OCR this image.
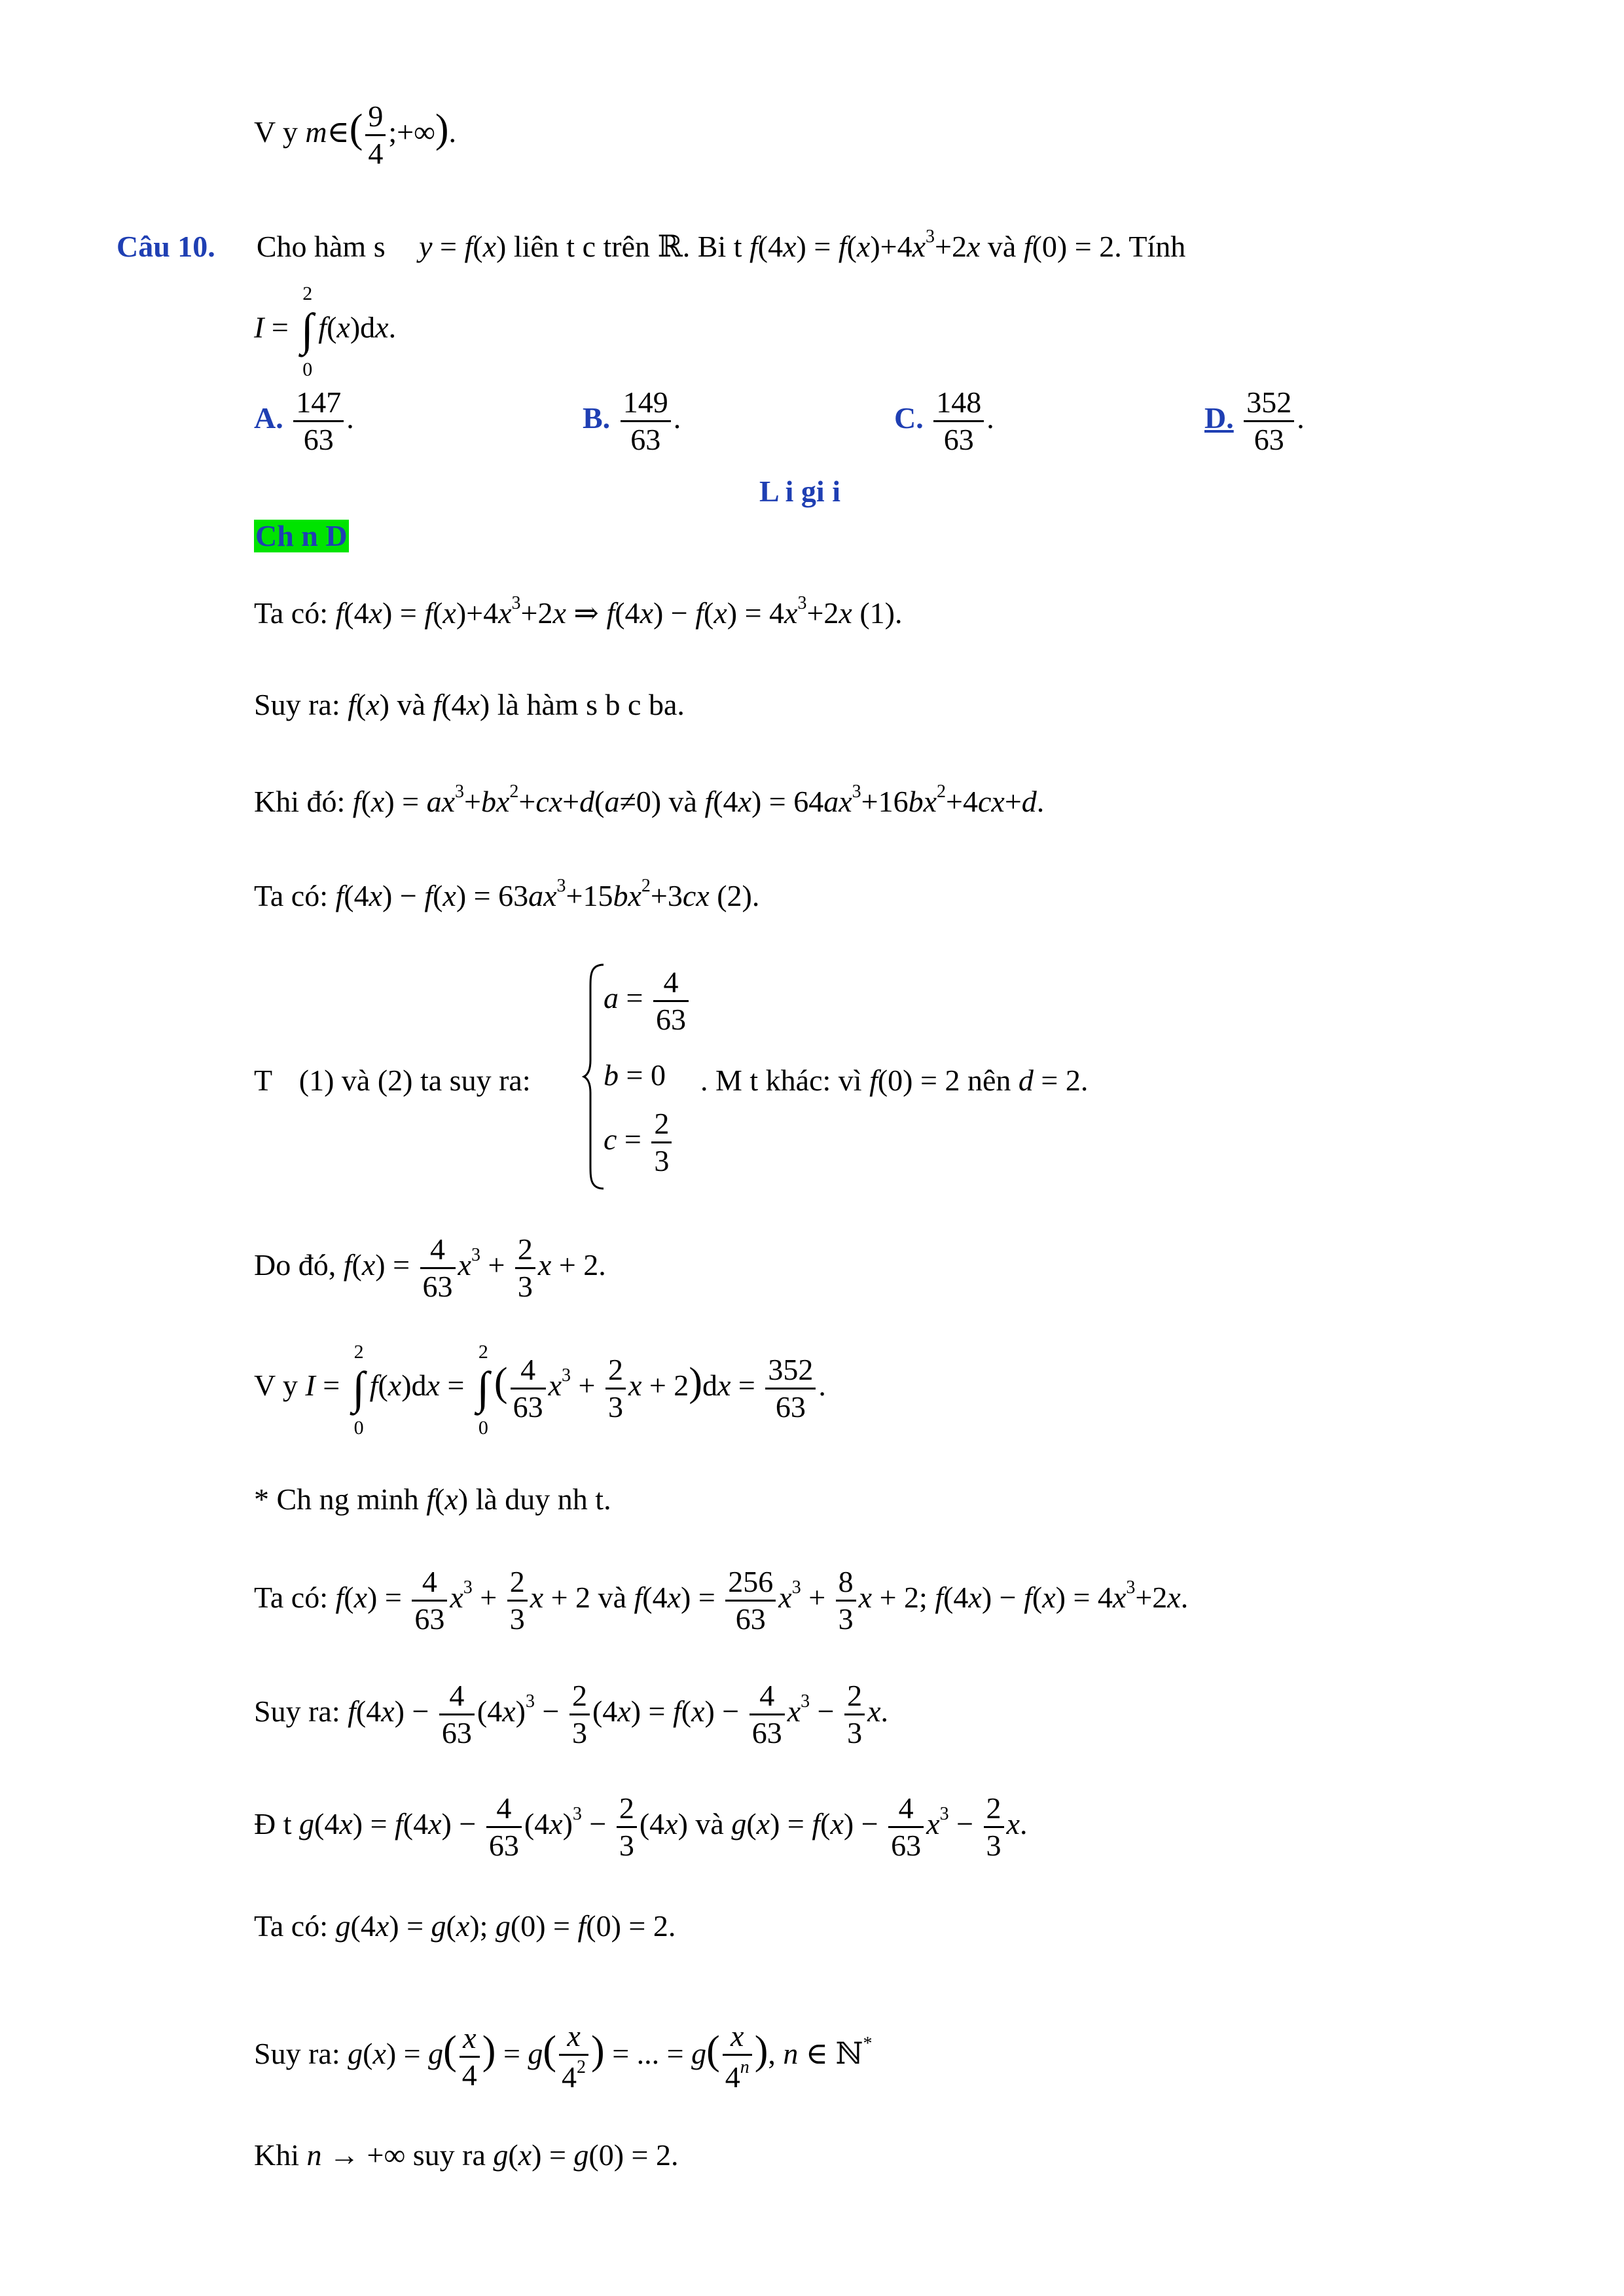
V y m∈( $\frac{9}{4}$ ;+∞).
Câu 10. Cho hàm s y = f(x) liên t c trên ℝ. Bi t $f(4x) = f(x)+4x^3+2x$ và f(0) = 2. Tính
I = ∫
2
0
f(x)dx.
A. $\frac{147}{63}$ .	B. $\frac{149}{63}$ .	C. $\frac{148}{63}$ .	D. $\frac{352}{63}$ .
L i gi i
Ch n D
Ta có: $f(4x) = f(x)+4x^3+2x$ ⇒ $f(4x) - f(x) = 4x^3+2x$ (1).
Suy ra: f(x) và f(4x) là hàm s b c ba.
Khi đó: $f(x) = ax^3+bx^2+cx+d(a\ne 0)$ và $f(4x) = 64ax^3+16bx^2+4cx+d$.
Ta có: $f(4x) - f(x) = 63ax^3+15bx^2+3cx$ (2).
T (1) và (2) ta suy ra:
$a = \frac{4}{63}$
b = 0
$c = \frac{2}{3}$
. M t khác: vì f(0) = 2 nên d = 2.
Do đó, $f(x) = \frac{4}{63} x^3 + \frac{2}{3}$ x + 2.
V y I = ∫
2
0
f(x)dx = ∫
2
0
( $\frac{4}{63} x^3 + \frac{2}{3}$ $x + 2)dx = \frac{352}{63}$ .
* Ch ng minh f(x) là duy nh t.
Ta có: $f(x) = \frac{4}{63} x^3 + \frac{2}{3}$ x + 2 và $f(4x) = \frac{256}{63} x^3 + \frac{8}{3}$ x + 2; $f(4x) - f(x) = 4x^3+2x$.
Suy ra: $f(4x) - \frac{4}{63} (4x)^3 - \frac{2}{3} (4x) = f(x) - \frac{4}{63} x^3 - \frac{2}{3} x$.
Đ t $g(4x) = f(4x) - \frac{4}{63} (4x)^3 - \frac{2}{3} (4x)$ và $g(x) = f(x) - \frac{4}{63} x^3 - \frac{2}{3} x$.
Ta có: g(4x) = g(x); g(0) = f(0) = 2.
Suy ra: $g(x) = g( \frac{x}{4}$ ) = $g( \frac{x}{4^2}$ ) = ... = $g( \frac{x}{4^n}$ ), n ∈ ℕ*
Khi n → +∞ suy ra g(x) = g(0) = 2.
